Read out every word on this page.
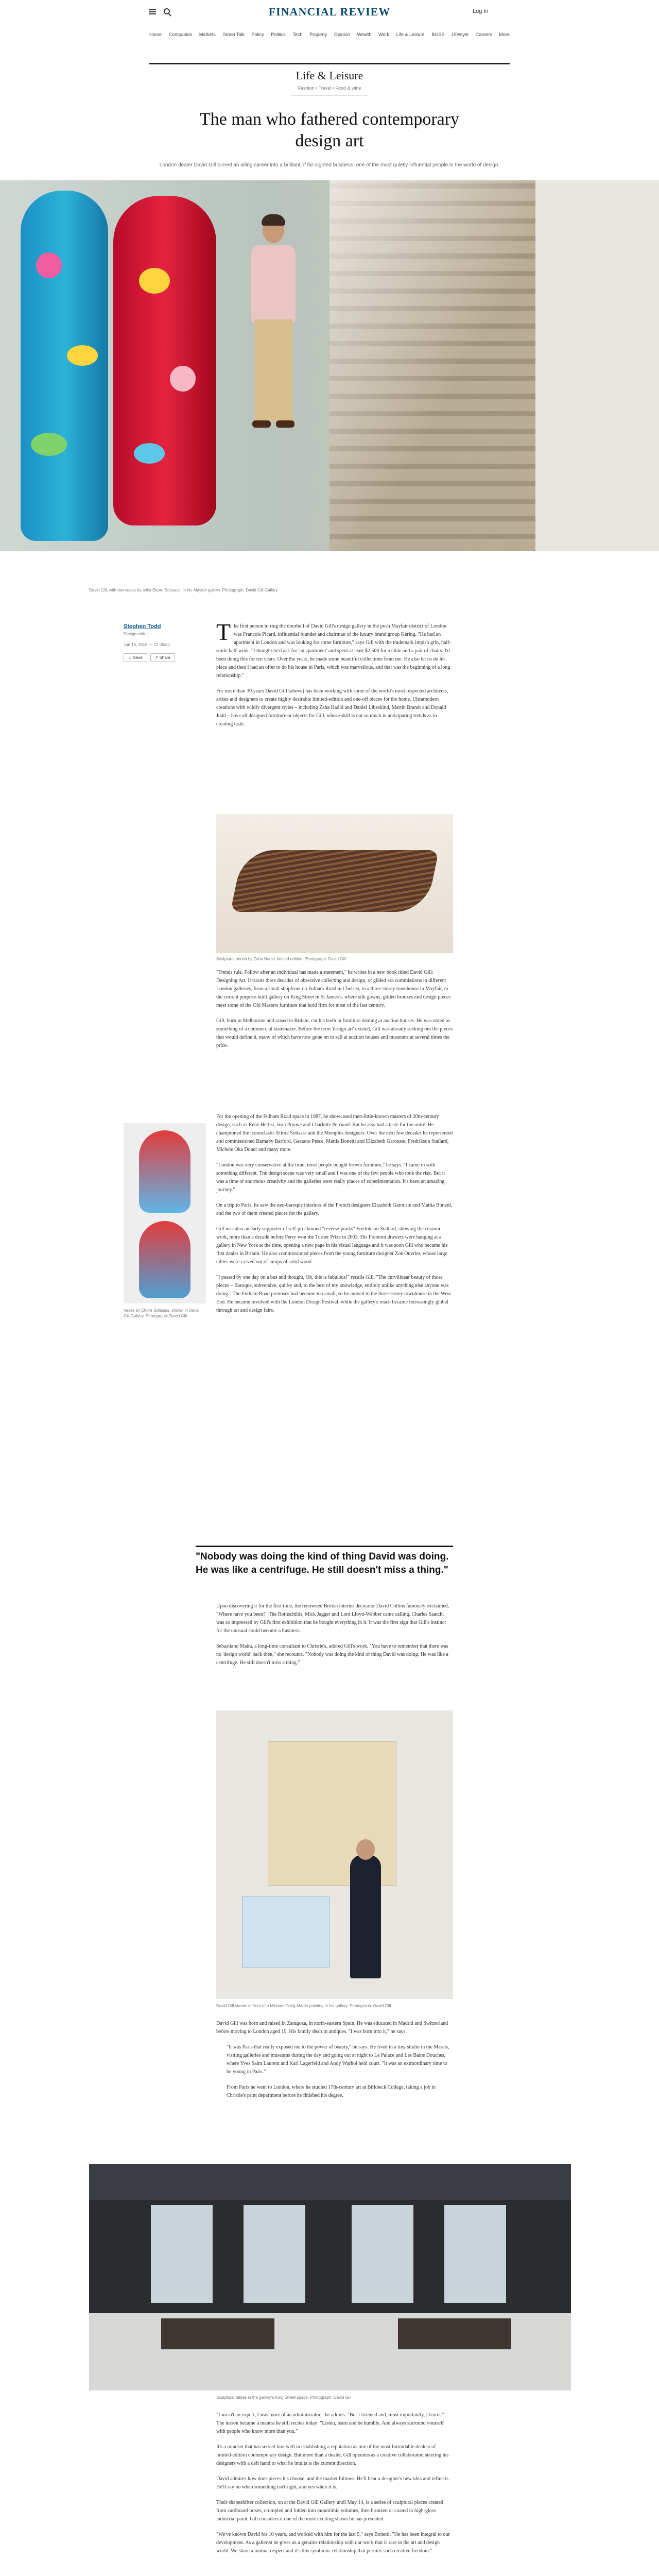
FINANCIAL REVIEW	Log In
Home Companies Markets Street Talk Policy Politics Tech Property Opinion Wealth Work Life & Leisure BOSS Lifestyle Careers More
Life & Leisure
Fashion • Travel • Food & wine
The man who fathered contemporary design art
London dealer David Gill turned an ailing career into a brilliant, if far-sighted business, one of the most quietly influential people in the world of design.
David Gill, with two vases by artist Ettore Sottsass, in his Mayfair gallery. Photograph: David Gill Gallery
Stephen Todd
Design editor
Jun 10, 2016 — 12.00am
☆ Save	↗ Share

The first person to ring the doorbell of David Gill's design gallery in the posh Mayfair district of London was François Picard, influential founder and chairman of the luxury brand group Kering. "He had an apartment in London and was looking for some furniture," says Gill with the trademark impish grin, half-smile half-wink. "I thought he'd ask for 'an apartment' and spent at least $2,500 for a table and a pair of chairs. I'd been doing this for ten years. Over the years, he made some beautiful collections from me. He also let us do his place and then I had an offer to do his house in Paris, which was marvellous, and that was the beginning of a long relationship."

For more than 30 years David Gill (above) has been working with some of the world's most respected architects, artists and designers to create highly desirable limited-edition and one-off pieces for the home. Ultramodern creations with wildly divergent styles – including Zaha Hadid and Daniel Libeskind, Martin Brandt and Donald Judd – have all designed furniture or objects for Gill, whose skill is not so much in anticipating trends as in creating taste.

Sculptural bench by Zaha Hadid, limited edition. Photograph: David Gill

"Trends rule. Follow after an individual has made a statement," he writes in a new book titled David Gill: Designing Art. It traces three decades of obsessive collecting and design, of gilded era commissions in different London galleries, from a small shopfront on Fulham Road in Chelsea, to a three-storey townhouse in Mayfair, to the current purpose-built gallery on King Street in St James's, where silk gowns, gilded bronzes and design pieces meet some of the Old Masters furniture that hold firm for most of the last century.

Gill, born in Melbourne and raised in Britain, cut his teeth in furniture dealing at auction houses. He was noted as something of a commercial tastemaker. Before the term 'design art' existed, Gill was already seeking out the pieces that would define it, many of which have now gone on to sell at auction houses and museums at several times the price.

Vases by Ettore Sottsass, shown in David Gill Gallery. Photograph: David Gill

For the opening of the Fulham Road space in 1987, he showcased then-little-known masters of 20th-century design, such as René Herbst, Jean Prouvé and Charlotte Perriand. But he also had a taste for the outré. He championed the iconoclastic Ettore Sottsass and the Memphis designers. Over the next few decades he represented and commissioned Barnaby Barford, Gaetano Pesce, Mattia Bonetti and Elizabeth Garouste, Fredrikson Stallard, Michele Oka Doner and many more.

"London was very conservative at the time, most people bought brown furniture," he says. "I came in with something different. The design scene was very small and I was one of the few people who took the risk. But it was a time of enormous creativity and the galleries were really places of experimentation. It's been an amazing journey."

On a trip to Paris, he saw the neo-baroque interiors of the French designers Elizabeth Garouste and Mattia Bonetti, and the two of them created pieces for the gallery.

Gill was also an early supporter of self-proclaimed "reverse-punks" Fredrikson Stallard, showing the ceramic work, more than a decade before Perry won the Turner Prize in 2003. His Fremont drawers were hanging at a gallery in New York at the time, opening a new page in his visual language and it was soon Gill who became his first dealer in Britain. He also commissioned pieces from the young furniture designer Zoe Ouvrier, whose large tables were carved out of lumps of solid wood.

"I passed by one day on a bus and thought, Oh, this is fabulous!" recalls Gill. "The curvilinear beauty of those pieces – Baroque, subversive, quirky and, to the best of my knowledge, entirely unlike anything else anyone was doing." The Fulham Road premises had become too small, so he moved to the three-storey townhouse in the West End. He became involved with the London Design Festival, while the gallery's reach became increasingly global through art and design fairs.

"Nobody was doing the kind of thing David was doing. He was like a centrifuge. He still doesn't miss a thing."

Upon discovering it for the first time, the renowned British interior decorator David Collins famously exclaimed, "Where have you been?" The Rothschilds, Mick Jagger and Lord Lloyd-Webber came calling. Charles Saatchi was so impressed by Gill's first exhibition that he bought everything in it. It was the first sign that Gill's instinct for the unusual could become a business.

Sebastiano Matta, a long-time consultant to Christie's, adored Gill's work. "You have to remember that there was no 'design world' back then," she recounts. "Nobody was doing the kind of thing David was doing. He was like a centrifuge. He still doesn't miss a thing."

David Gill stands in front of a Michael Craig-Martin painting in his gallery. Photograph: David Gill

David Gill was born and raised in Zaragoza, in north-eastern Spain. He was educated in Madrid and Switzerland before moving to London aged 19. His family dealt in antiques. "I was born into it," he says.

"It was Paris that really exposed me to the power of beauty," he says. He lived in a tiny studio in the Marais, visiting galleries and museums during the day and going out at night to Le Palace and Les Bains Douches, where Yves Saint Laurent and Karl Lagerfeld and Andy Warhol held court. "It was an extraordinary time to be young in Paris."

From Paris he went to London, where he studied 17th-century art at Birkbeck College, taking a job in Christie's print department before he finished his degree.

Sculptural tables in the gallery's King Street space. Photograph: David Gill

"I wasn't an expert, I was more of an administrator," he admits. "But I listened and, most importantly, I learnt." The lesson became a mantra he still recites today: "Listen, learn and be humble. And always surround yourself with people who know more than you."

It's a mindset that has served him well in establishing a reputation as one of the most formidable dealers of limited-edition contemporary design. But more than a dealer, Gill operates as a creative collaborator, steering his designers with a deft hand to what he intuits is the current direction.

David admires how does pieces his choose, and the market follows. He'll hear a designer's new idea and refine it. He'll say no when something isn't right, and yes when it is.

Their shapeshifter collection, on at the David Gill Gallery until May 14, is a series of sculptural pieces created from cardboard boxes, crumpled and folded into monolithic volumes, then bronzed or coated in high-gloss industrial paint. Gill considers it one of the most exciting shows he has presented.

"We've known David for 10 years, and worked with him for the last 5," says Bonetti. "He has been integral to our development. As a gallerist he gives us a genuine relationship with our work that is rare in the art and design world. We share a mutual respect and it's this symbiotic relationship that permits such creative freedom."
